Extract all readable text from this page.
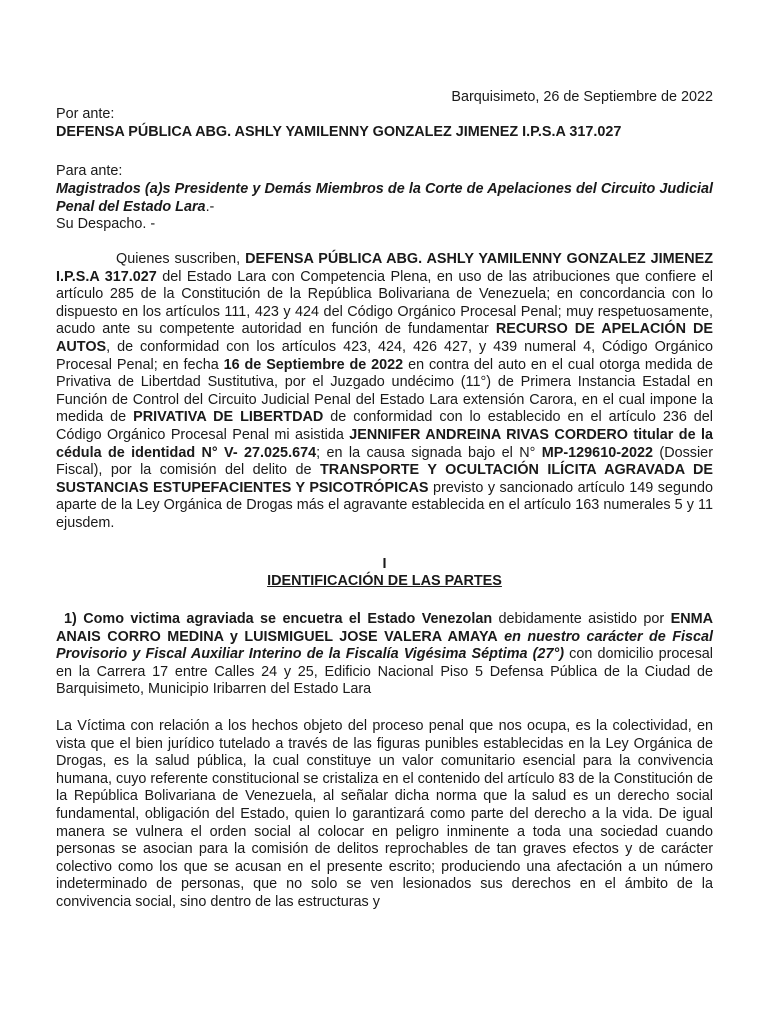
Barquisimeto, 26 de Septiembre de 2022

Por ante:

DEFENSA PÚBLICA ABG. ASHLY YAMILENNY GONZALEZ JIMENEZ I.P.S.A 317.027

Para ante:

Magistrados (a)s Presidente y Demás Miembros de la Corte de Apelaciones del Circuito Judicial Penal del Estado Lara.-

Su Despacho. -

Quienes suscriben, DEFENSA PÚBLICA ABG. ASHLY YAMILENNY GONZALEZ JIMENEZ I.P.S.A 317.027 del Estado Lara con Competencia Plena, en uso de las atribuciones que confiere el artículo 285 de la Constitución de la República Bolivariana de Venezuela; en concordancia con lo dispuesto en los artículos 111, 423 y 424 del Código Orgánico Procesal Penal; muy respetuosamente, acudo ante su competente autoridad en función de fundamentar RECURSO DE APELACIÓN DE AUTOS, de conformidad con los artículos 423, 424, 426 427, y 439 numeral 4, Código Orgánico Procesal Penal; en fecha 16 de Septiembre de 2022 en contra del auto en el cual otorga medida de Privativa de Libertdad Sustitutiva, por el Juzgado undécimo (11°) de Primera Instancia Estadal en Función de Control del Circuito Judicial Penal del Estado Lara extensión Carora, en el cual impone la medida de PRIVATIVA DE LIBERTDAD de conformidad con lo establecido en el artículo 236 del Código Orgánico Procesal Penal mi asistida JENNIFER ANDREINA RIVAS CORDERO titular de la cédula de identidad N° V- 27.025.674; en la causa signada bajo el N° MP-129610-2022 (Dossier Fiscal), por la comisión del delito de TRANSPORTE Y OCULTACIÓN ILÍCITA AGRAVADA DE SUSTANCIAS ESTUPEFACIENTES Y PSICOTRÓPICAS previsto y sancionado artículo 149 segundo aparte de la Ley Orgánica de Drogas más el agravante establecida en el artículo 163 numerales 5 y 11 ejusdem.

I

IDENTIFICACIÓN DE LAS PARTES

1) Como victima agraviada se encuetra el Estado Venezolan debidamente asistido por ENMA ANAIS CORRO MEDINA y LUISMIGUEL JOSE VALERA AMAYA en nuestro carácter de Fiscal Provisorio y Fiscal Auxiliar Interino de la Fiscalía Vigésima Séptima (27°) con domicilio procesal en la Carrera 17 entre Calles 24 y 25, Edificio Nacional Piso 5 Defensa Pública de la Ciudad de Barquisimeto, Municipio Iribarren del Estado Lara

La Víctima con relación a los hechos objeto del proceso penal que nos ocupa, es la colectividad, en vista que el bien jurídico tutelado a través de las figuras punibles establecidas en la Ley Orgánica de Drogas, es la salud pública, la cual constituye un valor comunitario esencial para la convivencia humana, cuyo referente constitucional se cristaliza en el contenido del artículo 83 de la Constitución de la República Bolivariana de Venezuela, al señalar dicha norma que la salud es un derecho social fundamental, obligación del Estado, quien lo garantizará como parte del derecho a la vida. De igual manera se vulnera el orden social al colocar en peligro inminente a toda una sociedad cuando personas se asocian para la comisión de delitos reprochables de tan graves efectos y de carácter colectivo como los que se acusan en el presente escrito; produciendo una afectación a un número indeterminado de personas, que no solo se ven lesionados sus derechos en el ámbito de la convivencia social, sino dentro de las estructuras y
